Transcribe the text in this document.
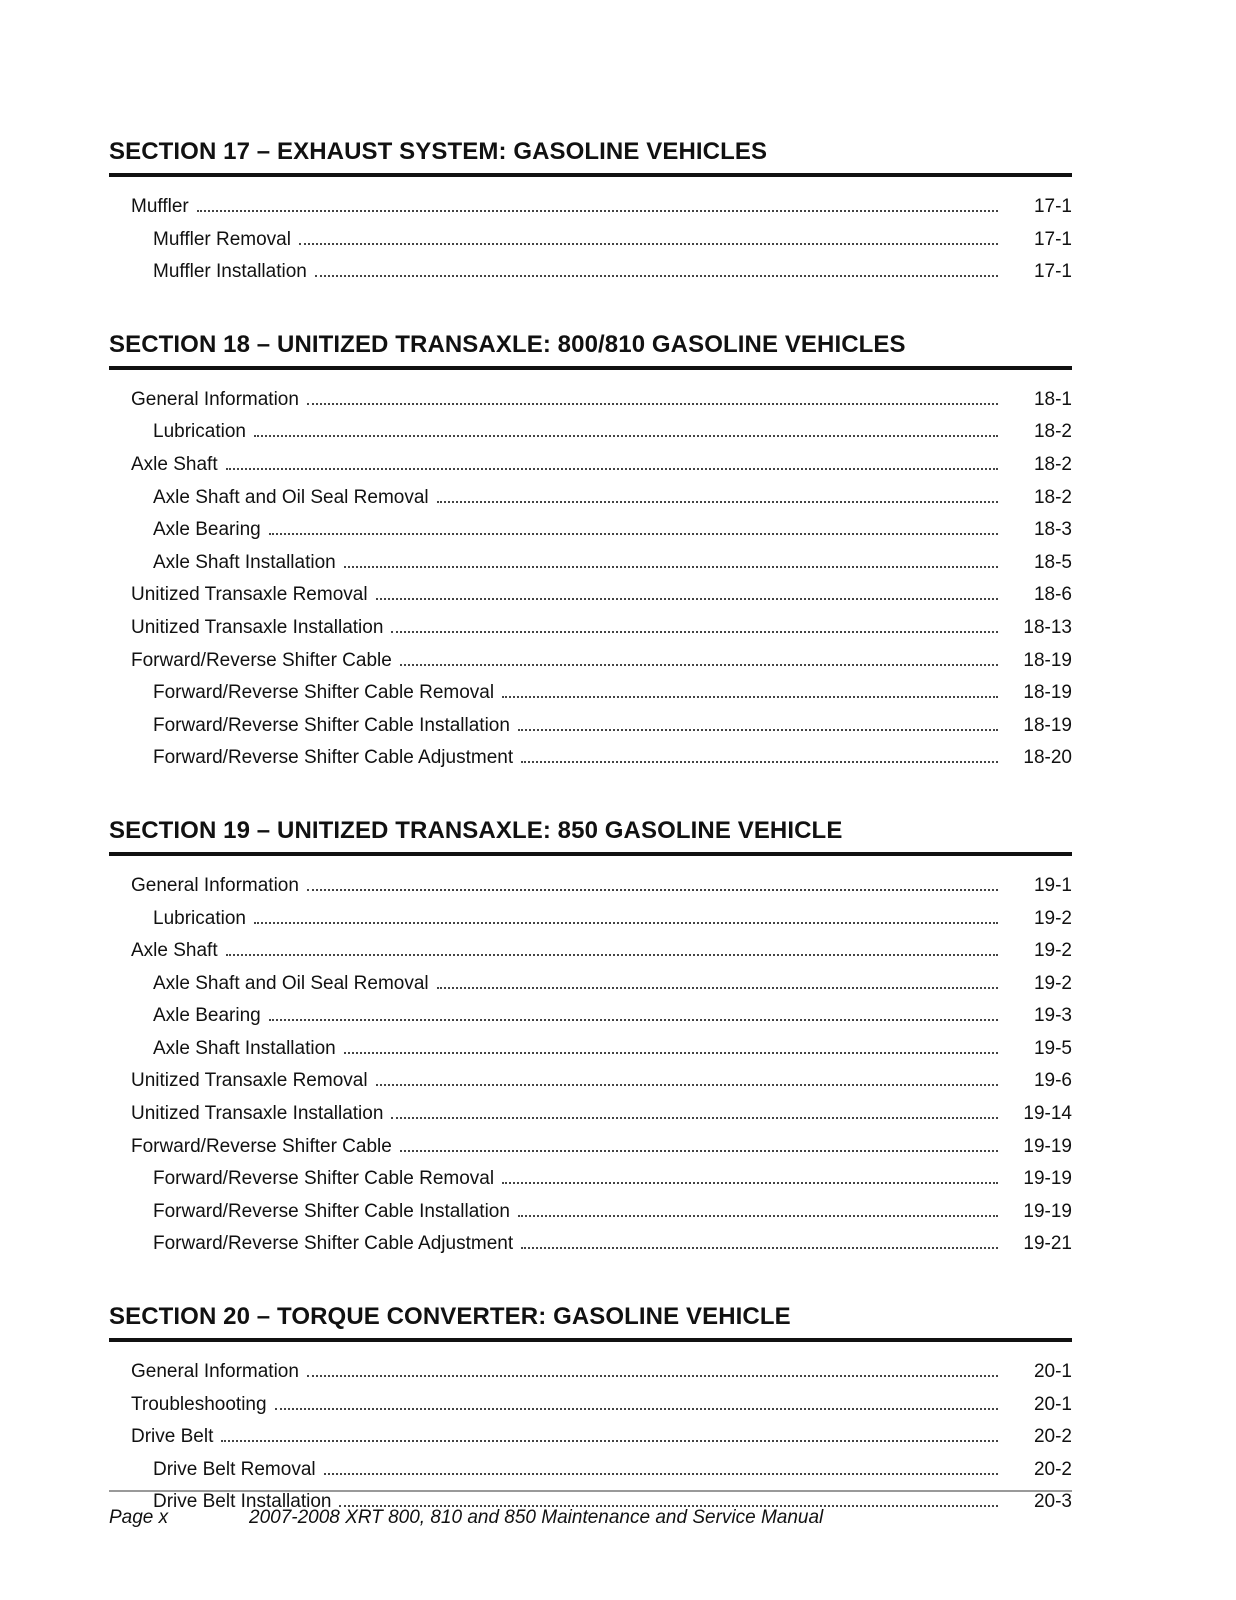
SECTION 17 – EXHAUST SYSTEM: GASOLINE VEHICLES
Muffler	17-1
Muffler Removal	17-1
Muffler Installation	17-1
SECTION 18 – UNITIZED TRANSAXLE: 800/810 GASOLINE VEHICLES
General Information	18-1
Lubrication	18-2
Axle Shaft	18-2
Axle Shaft and Oil Seal Removal	18-2
Axle Bearing	18-3
Axle Shaft Installation	18-5
Unitized Transaxle Removal	18-6
Unitized Transaxle Installation	18-13
Forward/Reverse Shifter Cable	18-19
Forward/Reverse Shifter Cable Removal	18-19
Forward/Reverse Shifter Cable Installation	18-19
Forward/Reverse Shifter Cable Adjustment	18-20
SECTION 19 – UNITIZED TRANSAXLE: 850 GASOLINE VEHICLE
General Information	19-1
Lubrication	19-2
Axle Shaft	19-2
Axle Shaft and Oil Seal Removal	19-2
Axle Bearing	19-3
Axle Shaft Installation	19-5
Unitized Transaxle Removal	19-6
Unitized Transaxle Installation	19-14
Forward/Reverse Shifter Cable	19-19
Forward/Reverse Shifter Cable Removal	19-19
Forward/Reverse Shifter Cable Installation	19-19
Forward/Reverse Shifter Cable Adjustment	19-21
SECTION 20 – TORQUE CONVERTER: GASOLINE VEHICLE
General Information	20-1
Troubleshooting	20-1
Drive Belt	20-2
Drive Belt Removal	20-2
Drive Belt Installation	20-3
Page x	2007-2008 XRT 800, 810 and 850 Maintenance and Service Manual
